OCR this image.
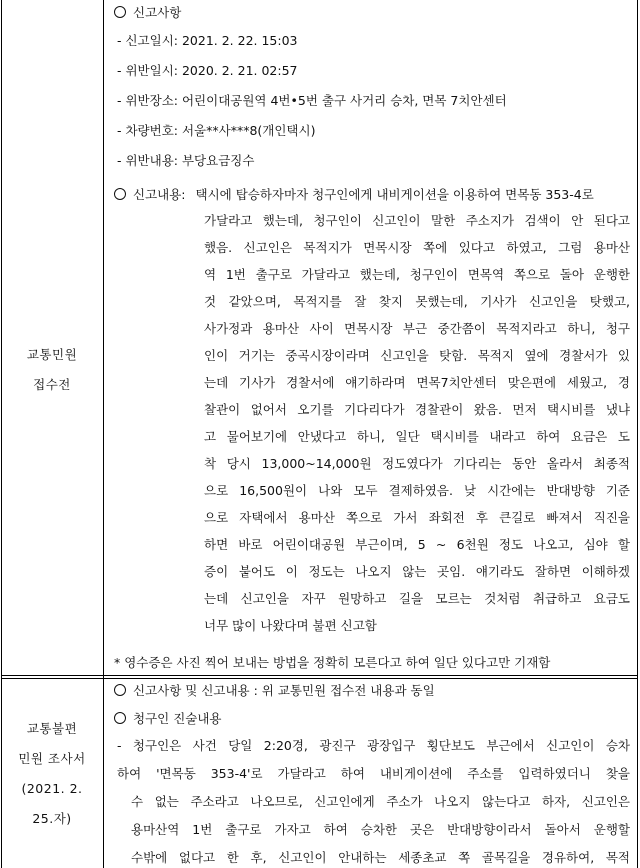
교통민원
접수전
신고사항
- 신고일시: 2021. 2. 22. 15:03
- 위반일시: 2020. 2. 21. 02:57
- 위반장소: 어린이대공원역 4번•5번 출구 사거리 승차, 면목 7치안센터
- 차량번호: 서울**사***8(개인택시)
- 위반내용: 부당요금징수
신고내용: 택시에 탑승하자마자 청구인에게 내비게이션을 이용하여 면목동 353-4로
가달라고 했는데, 청구인이 신고인이 말한 주소지가 검색이 안 된다고
했음. 신고인은 목적지가 면목시장 쪽에 있다고 하였고, 그럼 용마산
역 1번 출구로 가달라고 했는데, 청구인이 면목역 쪽으로 돌아 운행한
것 같았으며, 목적지를 잘 찾지 못했는데, 기사가 신고인을 탓했고,
사가정과 용마산 사이 면목시장 부근 중간쯤이 목적지라고 하니, 청구
인이 거기는 중곡시장이라며 신고인을 탓함. 목적지 옆에 경찰서가 있
는데 기사가 경찰서에 얘기하라며 면목7치안센터 맞은편에 세웠고, 경
찰관이 없어서 오기를 기다리다가 경찰관이 왔음. 먼저 택시비를 냈냐
고 물어보기에 안냈다고 하니, 일단 택시비를 내라고 하여 요금은 도
착 당시 13,000~14,000원 정도였다가 기다리는 동안 올라서 최종적
으로 16,500원이 나와 모두 결제하였음. 낮 시간에는 반대방향 기준
으로 자택에서 용마산 쪽으로 가서 좌회전 후 큰길로 빠져서 직진을
하면 바로 어린이대공원 부근이며, 5 ~ 6천원 정도 나오고, 심야 할
증이 붙어도 이 정도는 나오지 않는 곳임. 얘기라도 잘하면 이해하겠
는데 신고인을 자꾸 원망하고 길을 모르는 것처럼 취급하고 요금도
너무 많이 나왔다며 불편 신고함
* 영수증은 사진 찍어 보내는 방법을 정확히 모른다고 하여 일단 있다고만 기재함
교통불편
민원 조사서
(2021. 2.
25.자)
신고사항 및 신고내용 : 위 교통민원 접수전 내용과 동일
청구인 진술내용
- 청구인은 사건 당일 2:20경, 광진구 광장입구 횡단보도 부근에서 신고인이 승차
하여 '면목동 353-4'로 가달라고 하여 내비게이션에 주소를 입력하였더니 찾을
수 없는 주소라고 나오므로, 신고인에게 주소가 나오지 않는다고 하자, 신고인은
용마산역 1번 출구로 가자고 하여 승차한 곳은 반대방향이라서 돌아서 운행할
수밖에 없다고 한 후, 신고인이 안내하는 세종초교 쪽 골목길을 경유하여, 목적
